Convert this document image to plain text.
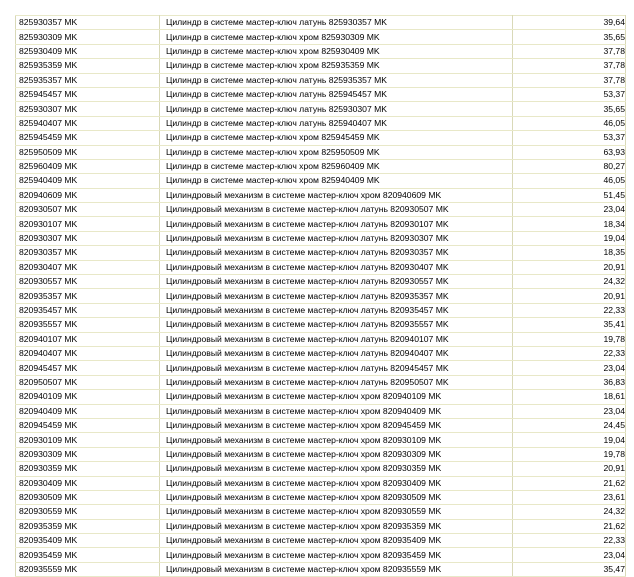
825930357 MK	Цилиндр в системе мастер-ключ латунь 825930357 MK	39,64
825930309 MK	Цилиндр в системе мастер-ключ хром 825930309 MK	35,65
825930409 MK	Цилиндр в системе мастер-ключ хром 825930409 MK	37,78
825935359 MK	Цилиндр в системе мастер-ключ хром 825935359 MK	37,78
825935357 MK	Цилиндр в системе мастер-ключ латунь 825935357 MK	37,78
825945457 MK	Цилиндр в системе мастер-ключ латунь 825945457 MK	53,37
825930307 MK	Цилиндр в системе мастер-ключ латунь 825930307 MK	35,65
825940407 MK	Цилиндр в системе мастер-ключ латунь 825940407 MK	46,05
825945459 MK	Цилиндр в системе мастер-ключ хром 825945459 MK	53,37
825950509 MK	Цилиндр в системе мастер-ключ хром 825950509 MK	63,93
825960409 MK	Цилиндр в системе мастер-ключ хром 825960409 MK	80,27
825940409 MK	Цилиндр в системе мастер-ключ хром 825940409 MK	46,05
820940609 MK	Цилиндровый механизм в системе мастер-ключ хром 820940609 MK	51,45
820930507 MK	Цилиндровый механизм в системе мастер-ключ латунь 820930507 MK	23,04
820930107 MK	Цилиндровый механизм в системе мастер-ключ латунь 820930107 MK	18,34
820930307 MK	Цилиндровый механизм в системе мастер-ключ латунь 820930307 MK	19,04
820930357 MK	Цилиндровый механизм в системе мастер-ключ латунь 820930357 MK	18,35
820930407 MK	Цилиндровый механизм в системе мастер-ключ латунь 820930407 MK	20,91
820930557 MK	Цилиндровый механизм в системе мастер-ключ латунь 820930557 MK	24,32
820935357 MK	Цилиндровый механизм в системе мастер-ключ латунь 820935357 MK	20,91
820935457 MK	Цилиндровый механизм в системе мастер-ключ латунь 820935457 MK	22,33
820935557 MK	Цилиндровый механизм в системе мастер-ключ латунь 820935557 MK	35,41
820940107 MK	Цилиндровый механизм в системе мастер-ключ латунь 820940107 MK	19,78
820940407 MK	Цилиндровый механизм в системе мастер-ключ латунь 820940407 MK	22,33
820945457 MK	Цилиндровый механизм в системе мастер-ключ латунь 820945457 MK	23,04
820950507 MK	Цилиндровый механизм в системе мастер-ключ латунь 820950507 MK	36,83
820940109 MK	Цилиндровый механизм в системе мастер-ключ хром 820940109 MK	18,61
820940409 MK	Цилиндровый механизм в системе мастер-ключ хром 820940409 MK	23,04
820945459 MK	Цилиндровый механизм в системе мастер-ключ хром 820945459 MK	24,45
820930109 MK	Цилиндровый механизм в системе мастер-ключ хром 820930109 MK	19,04
820930309 MK	Цилиндровый механизм в системе мастер-ключ хром 820930309 MK	19,78
820930359 MK	Цилиндровый механизм в системе мастер-ключ хром 820930359 MK	20,91
820930409 MK	Цилиндровый механизм в системе мастер-ключ хром 820930409 MK	21,62
820930509 MK	Цилиндровый механизм в системе мастер-ключ хром 820930509 MK	23,61
820930559 MK	Цилиндровый механизм в системе мастер-ключ хром 820930559 MK	24,32
820935359 MK	Цилиндровый механизм в системе мастер-ключ хром 820935359 MK	21,62
820935409 MK	Цилиндровый механизм в системе мастер-ключ хром 820935409 MK	22,33
820935459 MK	Цилиндровый механизм в системе мастер-ключ хром 820935459 MK	23,04
820935559 MK	Цилиндровый механизм в системе мастер-ключ хром 820935559 MK	35,47
